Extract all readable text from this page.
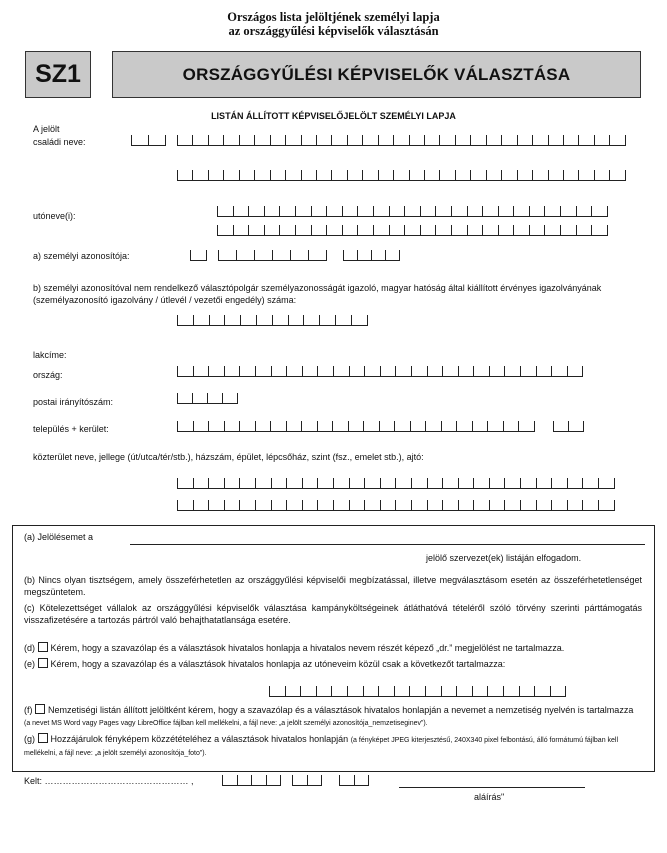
Országos lista jelöltjének személyi lapja
az országgyűlési képviselők választásán
SZ1	ORSZÁGGYŰLÉSI KÉPVISELŐK VÁLASZTÁSA
LISTÁN ÁLLÍTOTT KÉPVISELŐJELÖLT SZEMÉLYI LAPJA
A jelölt
családi neve:
utóneve(i):
a) személyi azonosítója:
b) személyi azonosítóval nem rendelkező választópolgár személyazonosságát igazoló, magyar hatóság által kiállított érvényes igazolványának (személyazonosító igazolvány / útlevél / vezetői engedély) száma:
lakcíme:
ország:
postai irányítószám:
település + kerület:
közterület neve, jellege (út/utca/tér/stb.), házszám, épület, lépcsőház, szint (fsz., emelet stb.), ajtó:
(a) Jelölésemet a
jelölő szervezet(ek) listáján elfogadom.
(b) Nincs olyan tisztségem, amely összeférhetetlen az országgyűlési képviselői megbízatással, illetve megválasztásom esetén az összeférhetetlenséget megszüntetem.
(c) Kötelezettséget vállalok az országgyűlési képviselők választása kampányköltségeinek átláthatóvá tételéről szóló törvény szerinti párttámogatás visszafizetésére a tartozás pártról való behajthatatlansága esetére.
(d) Kérem, hogy a szavazólap és a választások hivatalos honlapja a hivatalos nevem részét képező „dr.” megjelölést ne tartalmazza.
(e) Kérem, hogy a szavazólap és a választások hivatalos honlapja az utóneveim közül csak a következőt tartalmazza:
(f) Nemzetiségi listán állított jelöltként kérem, hogy a szavazólap és a választások hivatalos honlapján a nevemet a nemzetiség nyelvén is tartalmazza (a nevet MS Word vagy Pages vagy LibreOffice fájlban kell mellékelni, a fájl neve: „a jelölt személyi azonosítója_nemzetiseginev”).
(g) Hozzájárulok fényképem közzétételéhez a választások hivatalos honlapján (a fényképet JPEG kiterjesztésű, 240X340 pixel felbontású, álló formátumú fájlban kell mellékelni, a fájl neve: „a jelölt személyi azonosítója_foto”).
Kelt: ………………………………………… ,
aláírás"
